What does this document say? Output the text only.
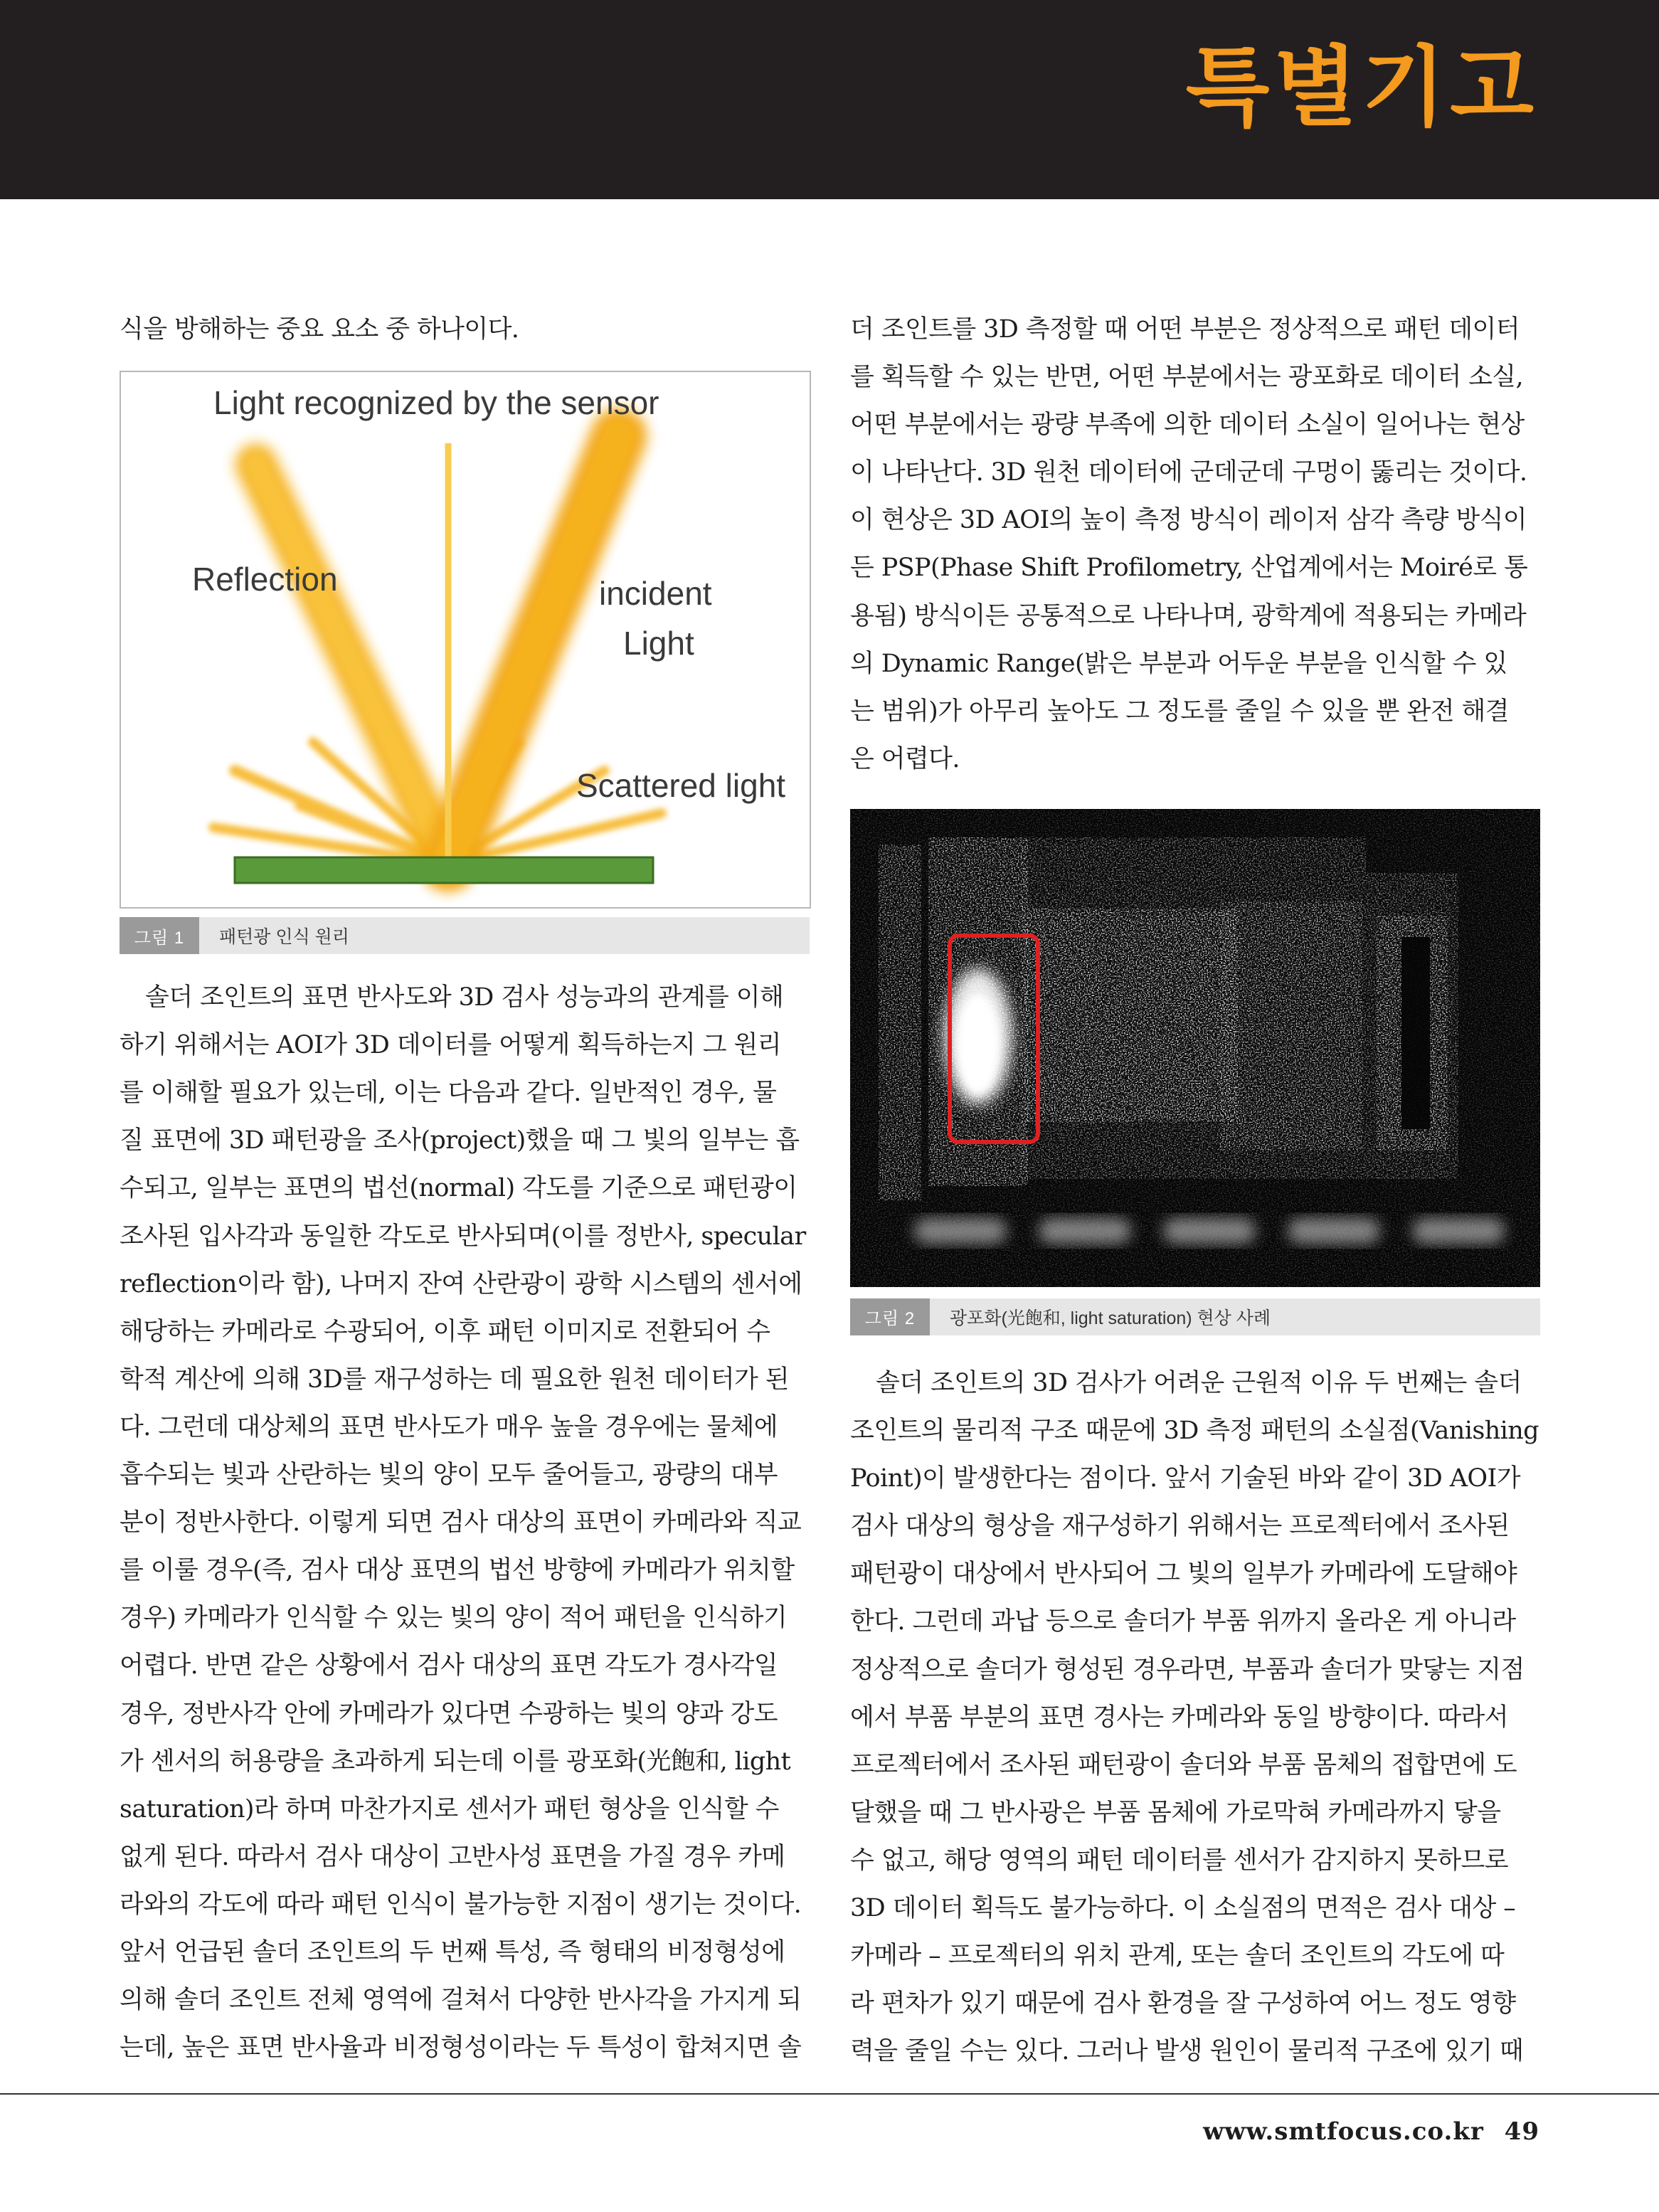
특별기고

식을 방해하는 중요 요소 중 하나이다.

Light recognized by the sensor
Reflection	incident
Light
Scattered light
그림 1	패턴광 인식 원리

솔더 조인트의 표면 반사도와 3D 검사 성능과의 관계를 이해

하기 위해서는 AOI가 3D 데이터를 어떻게 획득하는지 그 원리

를 이해할 필요가 있는데, 이는 다음과 같다. 일반적인 경우, 물

질 표면에 3D 패턴광을 조사(project)했을 때 그 빛의 일부는 흡

수되고, 일부는 표면의 법선(normal) 각도를 기준으로 패턴광이

조사된 입사각과 동일한 각도로 반사되며(이를 정반사, specular

reflection이라 함), 나머지 잔여 산란광이 광학 시스템의 센서에

해당하는 카메라로 수광되어, 이후 패턴 이미지로 전환되어 수

학적 계산에 의해 3D를 재구성하는 데 필요한 원천 데이터가 된

다. 그런데 대상체의 표면 반사도가 매우 높을 경우에는 물체에

흡수되는 빛과 산란하는 빛의 양이 모두 줄어들고, 광량의 대부

분이 정반사한다. 이렇게 되면 검사 대상의 표면이 카메라와 직교

를 이룰 경우(즉, 검사 대상 표면의 법선 방향에 카메라가 위치할

경우) 카메라가 인식할 수 있는 빛의 양이 적어 패턴을 인식하기

어렵다. 반면 같은 상황에서 검사 대상의 표면 각도가 경사각일

경우, 정반사각 안에 카메라가 있다면 수광하는 빛의 양과 강도

가 센서의 허용량을 초과하게 되는데 이를 광포화(光飽和, light

saturation)라 하며 마찬가지로 센서가 패턴 형상을 인식할 수

없게 된다. 따라서 검사 대상이 고반사성 표면을 가질 경우 카메

라와의 각도에 따라 패턴 인식이 불가능한 지점이 생기는 것이다.

앞서 언급된 솔더 조인트의 두 번째 특성, 즉 형태의 비정형성에

의해 솔더 조인트 전체 영역에 걸쳐서 다양한 반사각을 가지게 되

는데, 높은 표면 반사율과 비정형성이라는 두 특성이 합쳐지면 솔

더 조인트를 3D 측정할 때 어떤 부분은 정상적으로 패턴 데이터

를 획득할 수 있는 반면, 어떤 부분에서는 광포화로 데이터 소실,

어떤 부분에서는 광량 부족에 의한 데이터 소실이 일어나는 현상

이 나타난다. 3D 원천 데이터에 군데군데 구멍이 뚫리는 것이다.

이 현상은 3D AOI의 높이 측정 방식이 레이저 삼각 측량 방식이

든 PSP(Phase Shift Profilometry, 산업계에서는 Moiré로 통

용됨) 방식이든 공통적으로 나타나며, 광학계에 적용되는 카메라

의 Dynamic Range(밝은 부분과 어두운 부분을 인식할 수 있

는 범위)가 아무리 높아도 그 정도를 줄일 수 있을 뿐 완전 해결

은 어렵다.

그림 2	광포화(光飽和, light saturation) 현상 사례

솔더 조인트의 3D 검사가 어려운 근원적 이유 두 번째는 솔더

조인트의 물리적 구조 때문에 3D 측정 패턴의 소실점(Vanishing

Point)이 발생한다는 점이다. 앞서 기술된 바와 같이 3D AOI가

검사 대상의 형상을 재구성하기 위해서는 프로젝터에서 조사된

패턴광이 대상에서 반사되어 그 빛의 일부가 카메라에 도달해야

한다. 그런데 과납 등으로 솔더가 부품 위까지 올라온 게 아니라

정상적으로 솔더가 형성된 경우라면, 부품과 솔더가 맞닿는 지점

에서 부품 부분의 표면 경사는 카메라와 동일 방향이다. 따라서

프로젝터에서 조사된 패턴광이 솔더와 부품 몸체의 접합면에 도

달했을 때 그 반사광은 부품 몸체에 가로막혀 카메라까지 닿을

수 없고, 해당 영역의 패턴 데이터를 센서가 감지하지 못하므로

3D 데이터 획득도 불가능하다. 이 소실점의 면적은 검사 대상 –

카메라 – 프로젝터의 위치 관계, 또는 솔더 조인트의 각도에 따

라 편차가 있기 때문에 검사 환경을 잘 구성하여 어느 정도 영향

력을 줄일 수는 있다. 그러나 발생 원인이 물리적 구조에 있기 때

www.smtfocus.co.kr 49
